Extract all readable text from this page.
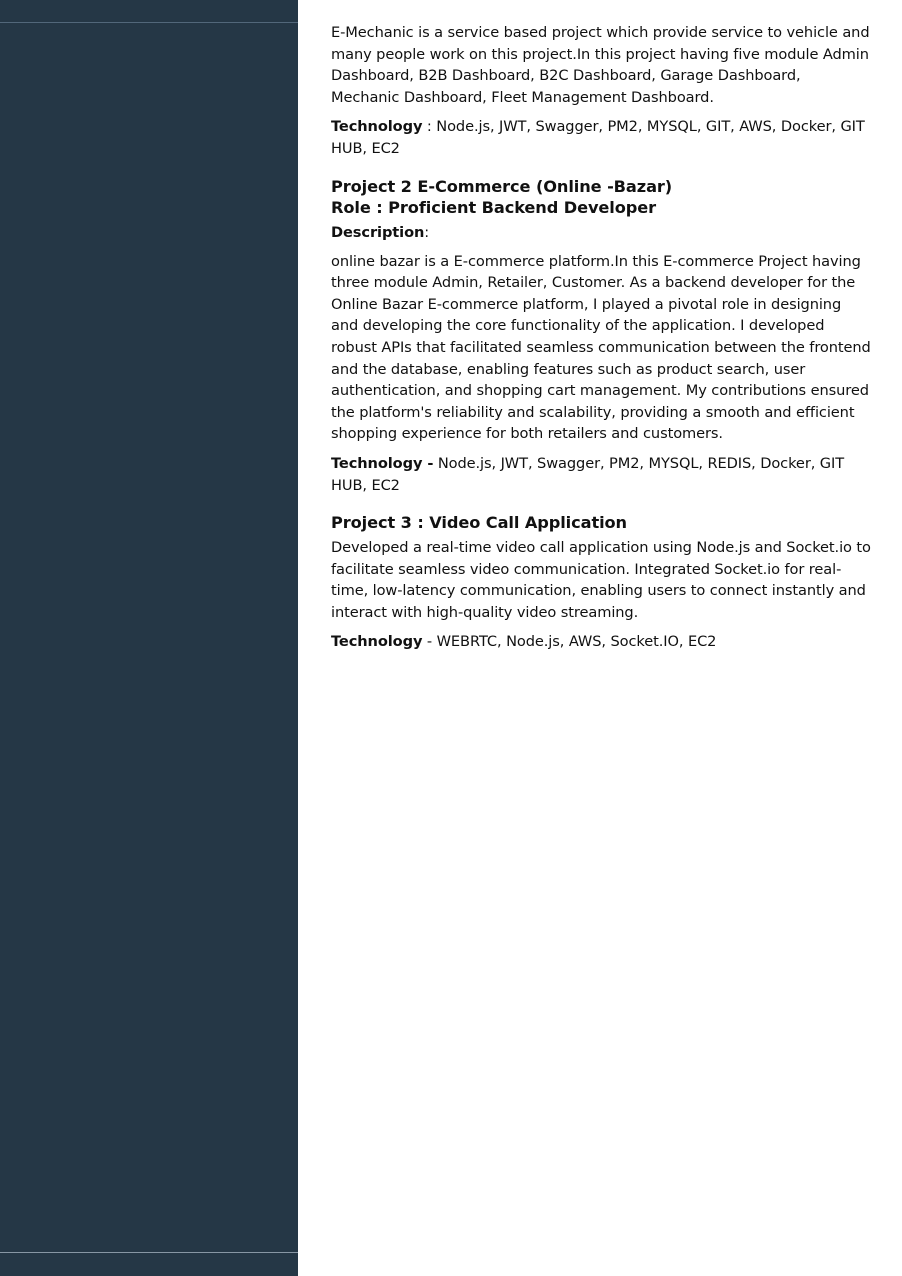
E-Mechanic is a service based project which provide service to vehicle and many people work on this project.In this project having five module Admin Dashboard, B2B Dashboard, B2C Dashboard, Garage Dashboard, Mechanic Dashboard, Fleet Management Dashboard.

Technology : Node.js, JWT, Swagger, PM2, MYSQL, GIT, AWS, Docker, GIT HUB, EC2

Project 2 E-Commerce (Online -Bazar)
Role : Proficient Backend Developer

Description:

online bazar is a E-commerce platform.In this E-commerce Project having three module Admin, Retailer, Customer. As a backend developer for the Online Bazar E-commerce platform, I played a pivotal role in designing and developing the core functionality of the application. I developed robust APIs that facilitated seamless communication between the frontend and the database, enabling features such as product search, user authentication, and shopping cart management. My contributions ensured the platform's reliability and scalability, providing a smooth and efficient shopping experience for both retailers and customers.

Technology - Node.js, JWT, Swagger, PM2, MYSQL, REDIS, Docker, GIT HUB, EC2

Project 3 : Video Call Application

Developed a real-time video call application using Node.js and Socket.io to facilitate seamless video communication. Integrated Socket.io for real-time, low-latency communication, enabling users to connect instantly and interact with high-quality video streaming.

Technology - WEBRTC, Node.js, AWS, Socket.IO, EC2
